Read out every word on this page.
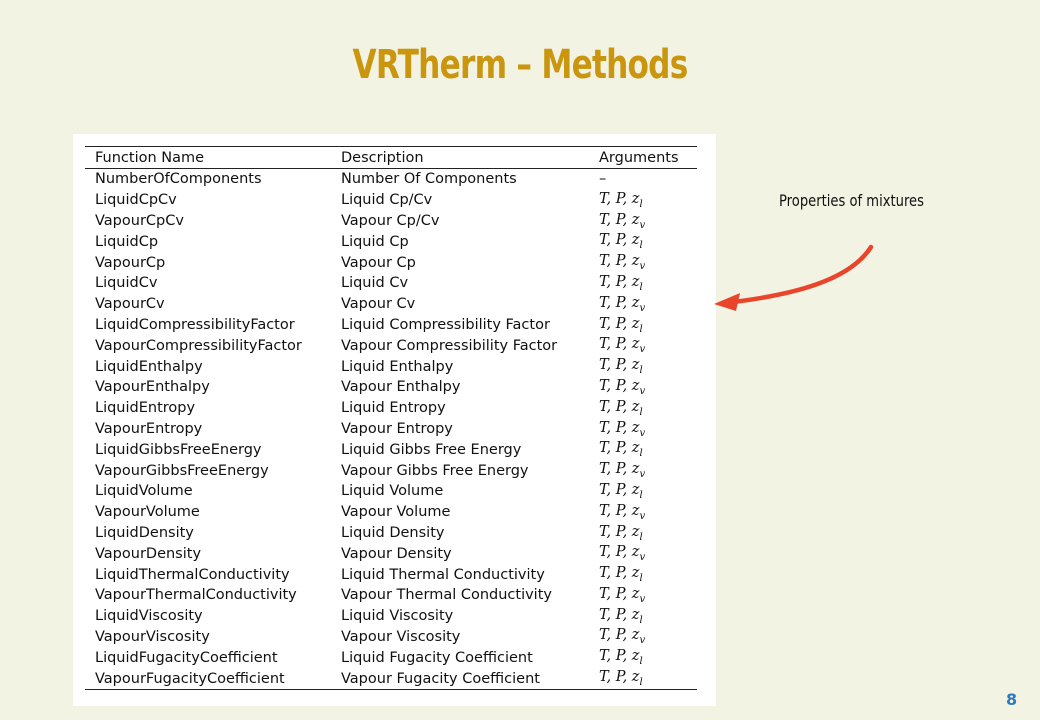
VRTherm – Methods
Function Name	Description	Arguments
NumberOfComponents	Number Of Components	–
LiquidCpCv	Liquid Cp/Cv	T, P, $z_l$
VapourCpCv	Vapour Cp/Cv	T, P, $z_v$
LiquidCp	Liquid Cp	T, P, $z_l$
VapourCp	Vapour Cp	T, P, $z_v$
LiquidCv	Liquid Cv	T, P, $z_l$
VapourCv	Vapour Cv	T, P, $z_v$
LiquidCompressibilityFactor	Liquid Compressibility Factor	T, P, $z_l$
VapourCompressibilityFactor	Vapour Compressibility Factor	T, P, $z_v$
LiquidEnthalpy	Liquid Enthalpy	T, P, $z_l$
VapourEnthalpy	Vapour Enthalpy	T, P, $z_v$
LiquidEntropy	Liquid Entropy	T, P, $z_l$
VapourEntropy	Vapour Entropy	T, P, $z_v$
LiquidGibbsFreeEnergy	Liquid Gibbs Free Energy	T, P, $z_l$
VapourGibbsFreeEnergy	Vapour Gibbs Free Energy	T, P, $z_v$
LiquidVolume	Liquid Volume	T, P, $z_l$
VapourVolume	Vapour Volume	T, P, $z_v$
LiquidDensity	Liquid Density	T, P, $z_l$
VapourDensity	Vapour Density	T, P, $z_v$
LiquidThermalConductivity	Liquid Thermal Conductivity	T, P, $z_l$
VapourThermalConductivity	Vapour Thermal Conductivity	T, P, $z_v$
LiquidViscosity	Liquid Viscosity	T, P, $z_l$
VapourViscosity	Vapour Viscosity	T, P, $z_v$
LiquidFugacityCoefficient	Liquid Fugacity Coefficient	T, P, $z_l$
VapourFugacityCoefficient	Vapour Fugacity Coefficient	T, P, $z_l$
Properties of mixtures
8
